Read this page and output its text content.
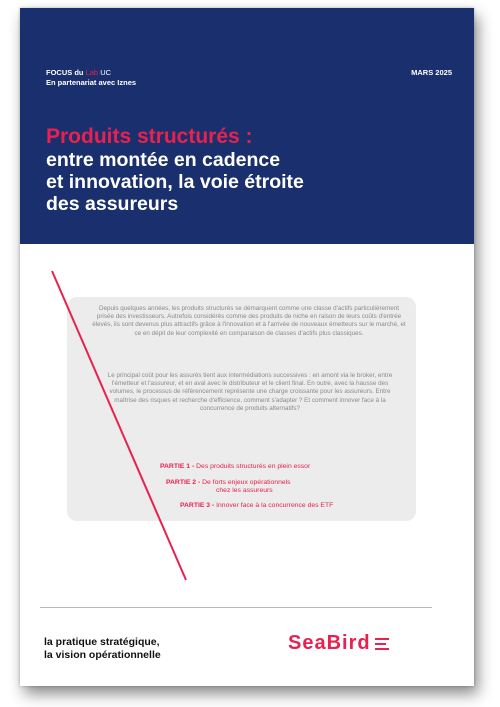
FOCUS du Lab UC
En partenariat avec Iznes
MARS 2025
Produits structurés :
entre montée en cadence
et innovation, la voie étroite
des assureurs
Depuis quelques années, les produits structurés se démarquent comme une classe d'actifs particulièrement prisée des investisseurs. Autrefois considérés comme des produits de niche en raison de leurs coûts d'entrée élevés, ils sont devenus plus attractifs grâce à l'innovation et à l'arrivée de nouveaux émetteurs sur le marché, et ce en dépit de leur complexité en comparaison de classes d'actifs plus classiques.
Le principal coût pour les assurés tient aux intermédiations successives : en amont via le broker, entre l'émetteur et l'assureur, et en aval avec le distributeur et le client final. En outre, avec la hausse des volumes, le processus de référencement représente une charge croissante pour les assureurs. Entre maîtrise des risques et recherche d'efficience, comment s'adapter ? Et comment innover face à la concurrence de produits alternatifs?
PARTIE 1 - Des produits structurés en plein essor
PARTIE 2 - De forts enjeux opérationnels
chez les assureurs
PARTIE 3 - Innover face à la concurrence des ETF
la pratique stratégique,
la vision opérationnelle
SeaBird
